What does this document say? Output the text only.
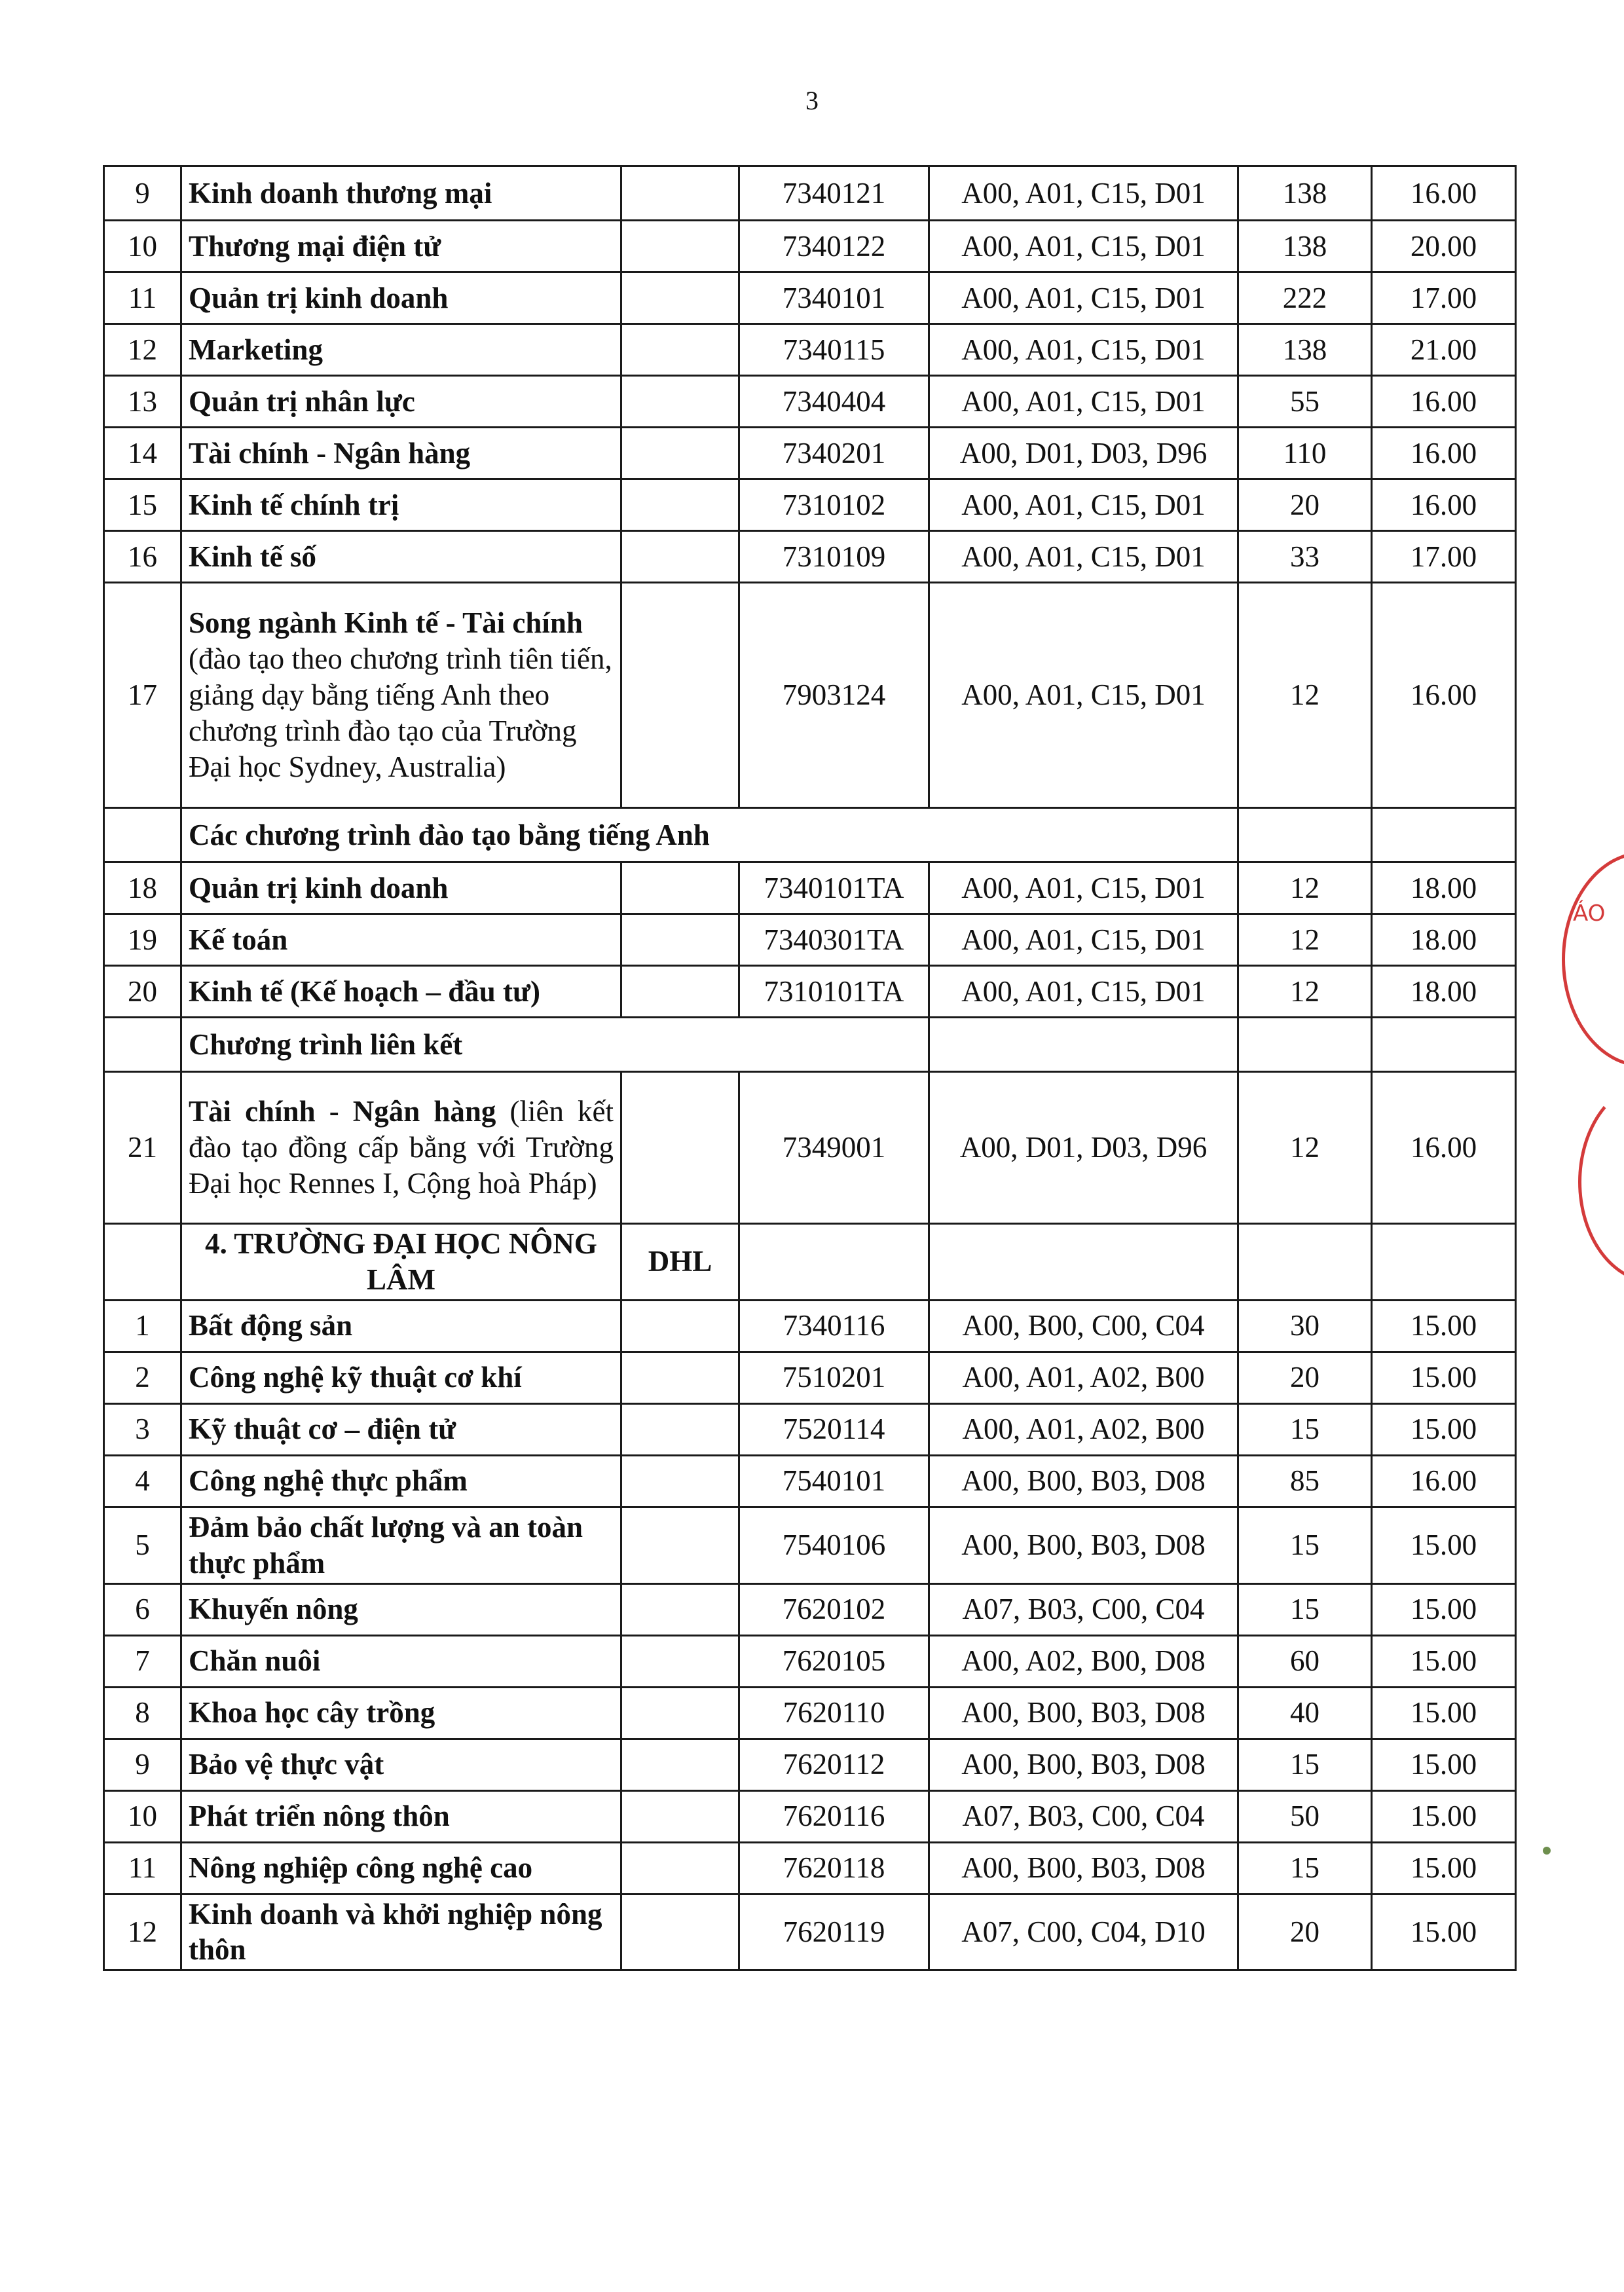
3
9	Kinh doanh thương mại		7340121	A00, A01, C15, D01	138	16.00
10	Thương mại điện tử		7340122	A00, A01, C15, D01	138	20.00
11	Quản trị kinh doanh		7340101	A00, A01, C15, D01	222	17.00
12	Marketing		7340115	A00, A01, C15, D01	138	21.00
13	Quản trị nhân lực		7340404	A00, A01, C15, D01	55	16.00
14	Tài chính - Ngân hàng		7340201	A00, D01, D03, D96	110	16.00
15	Kinh tế chính trị		7310102	A00, A01, C15, D01	20	16.00
16	Kinh tế số		7310109	A00, A01, C15, D01	33	17.00
17	Song ngành Kinh tế - Tài chính (đào tạo theo chương trình tiên tiến, giảng dạy bằng tiếng Anh theo chương trình đào tạo của Trường Đại học Sydney, Australia)		7903124	A00, A01, C15, D01	12	16.00
	Các chương trình đào tạo bằng tiếng Anh					
18	Quản trị kinh doanh		7340101TA	A00, A01, C15, D01	12	18.00
19	Kế toán		7340301TA	A00, A01, C15, D01	12	18.00
20	Kinh tế (Kế hoạch – đầu tư)		7310101TA	A00, A01, C15, D01	12	18.00
	Chương trình liên kết					
21	Tài chính - Ngân hàng (liên kết đào tạo đồng cấp bằng với Trường Đại học Rennes I, Cộng hoà Pháp)		7349001	A00, D01, D03, D96	12	16.00
	4. TRƯỜNG ĐẠI HỌC NÔNG LÂM	DHL				
1	Bất động sản		7340116	A00, B00, C00, C04	30	15.00
2	Công nghệ kỹ thuật cơ khí		7510201	A00, A01, A02, B00	20	15.00
3	Kỹ thuật cơ – điện tử		7520114	A00, A01, A02, B00	15	15.00
4	Công nghệ thực phẩm		7540101	A00, B00, B03, D08	85	16.00
5	Đảm bảo chất lượng và an toàn thực phẩm		7540106	A00, B00, B03, D08	15	15.00
6	Khuyến nông		7620102	A07, B03, C00, C04	15	15.00
7	Chăn nuôi		7620105	A00, A02, B00, D08	60	15.00
8	Khoa học cây trồng		7620110	A00, B00, B03, D08	40	15.00
9	Bảo vệ thực vật		7620112	A00, B00, B03, D08	15	15.00
10	Phát triển nông thôn		7620116	A07, B03, C00, C04	50	15.00
11	Nông nghiệp công nghệ cao		7620118	A00, B00, B03, D08	15	15.00
12	Kinh doanh và khởi nghiệp nông thôn		7620119	A07, C00, C04, D10	20	15.00
ÁO
